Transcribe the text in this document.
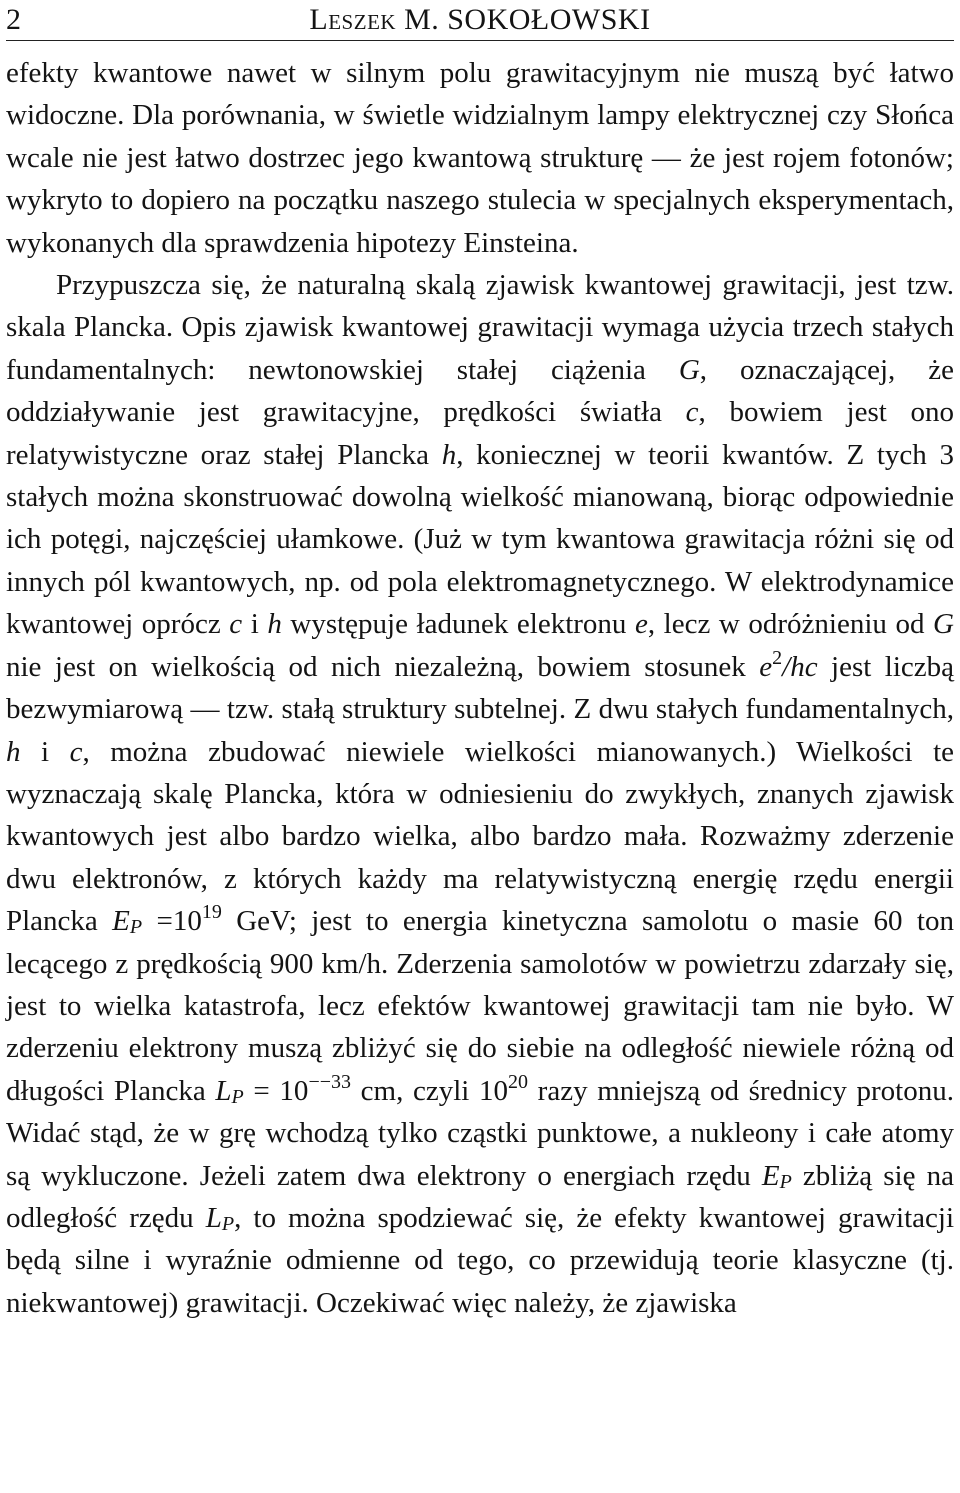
2	Leszek M. SOKOŁOWSKI

efekty kwantowe nawet w silnym polu grawitacyjnym nie muszą być łatwo widoczne. Dla porównania, w świetle widzialnym lampy elektrycznej czy Słońca wcale nie jest łatwo dostrzec jego kwantową strukturę — że jest rojem fotonów; wykryto to dopiero na początku naszego stulecia w specjalnych eksperymentach, wykonanych dla sprawdzenia hipotezy Einsteina.

Przypuszcza się, że naturalną skalą zjawisk kwantowej grawitacji, jest tzw. skala Plancka. Opis zjawisk kwantowej grawitacji wymaga użycia trzech stałych fundamentalnych: newtonowskiej stałej ciążenia G, oznaczającej, że oddziaływanie jest grawitacyjne, prędkości światła c, bowiem jest ono relatywistyczne oraz stałej Plancka h, koniecznej w teorii kwantów. Z tych 3 stałych można skonstruować dowolną wielkość mianowaną, biorąc odpowiednie ich potęgi, najczęściej ułamkowe. (Już w tym kwantowa grawitacja różni się od innych pól kwantowych, np. od pola elektromagnetycznego. W elektrodynamice kwantowej oprócz c i h występuje ładunek elektronu e, lecz w odróżnieniu od G nie jest on wielkością od nich niezależną, bowiem stosunek $e^2/hc$ jest liczbą bezwymiarową — tzw. stałą struktury subtelnej. Z dwu stałych fundamentalnych, h i c, można zbudować niewiele wielkości mianowanych.) Wielkości te wyznaczają skalę Plancka, która w odniesieniu do zwykłych, znanych zjawisk kwantowych jest albo bardzo wielka, albo bardzo mała. Rozważmy zderzenie dwu elektronów, z których każdy ma relatywistyczną energię rzędu energii Plancka $E_P =10^{19}$ GeV; jest to energia kinetyczna samolotu o masie 60 ton lecącego z prędkością 900 km/h. Zderzenia samolotów w powietrzu zdarzały się, jest to wielka katastrofa, lecz efektów kwantowej grawitacji tam nie było. W zderzeniu elektrony muszą zbliżyć się do siebie na odległość niewiele różną od długości Plancka $L_P = 10^{--33}$ cm, czyli $10^{20}$ razy mniejszą od średnicy protonu. Widać stąd, że w grę wchodzą tylko cząstki punktowe, a nukleony i całe atomy są wykluczone. Jeżeli zatem dwa elektrony o energiach rzędu $E_P$ zbliżą się na odległość rzędu $L_P$, to można spodziewać się, że efekty kwantowej grawitacji będą silne i wyraźnie odmienne od tego, co przewidują teorie klasyczne (tj. niekwantowej) grawitacji. Oczekiwać więc należy, że zjawiska
